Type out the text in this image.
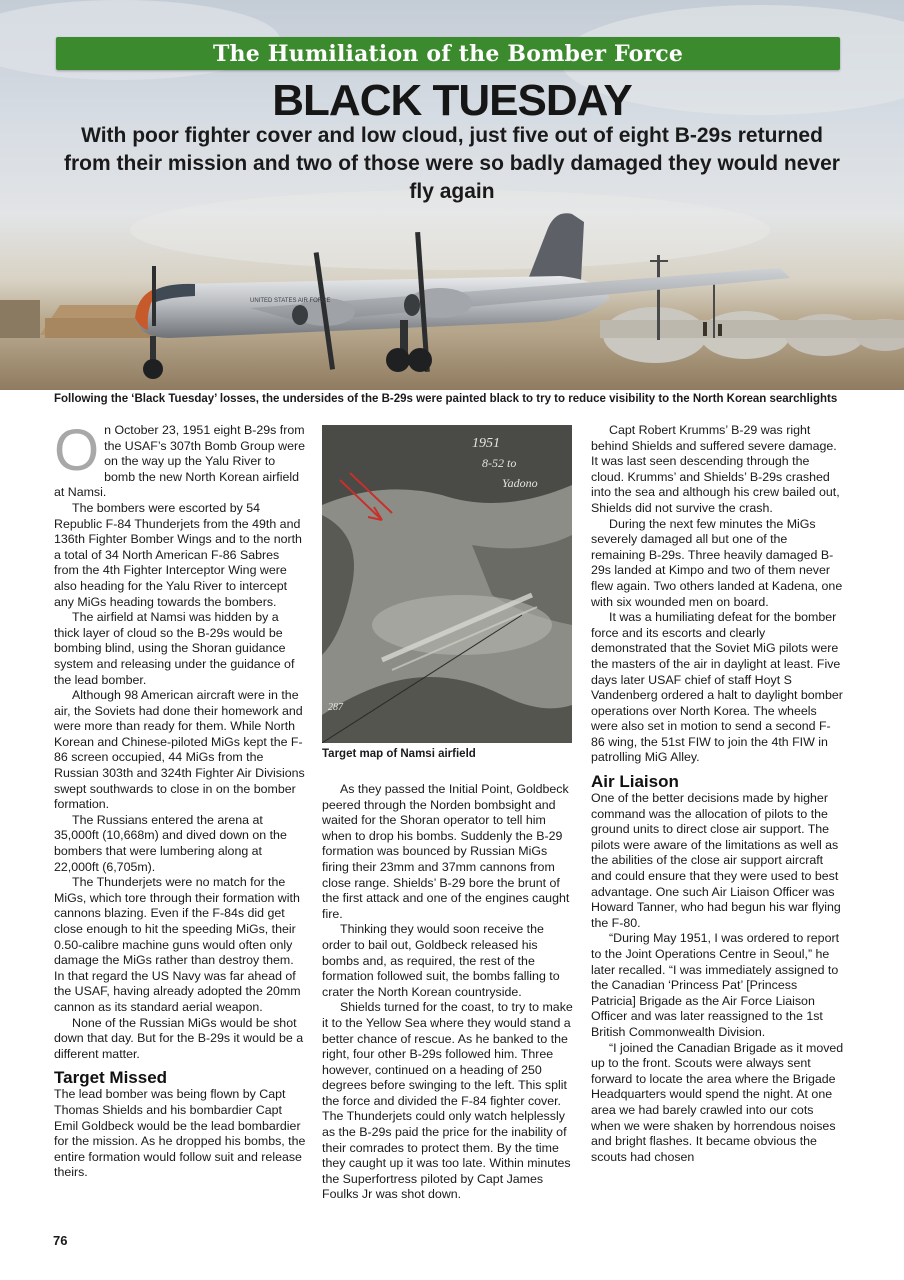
UNITED STATES AIR FORCE
The Humiliation of the Bomber Force
BLACK TUESDAY
With poor fighter cover and low cloud, just five out of eight B-29s returned from their mission and two of those were so badly damaged they would never fly again
Following the ‘Black Tuesday’ losses, the undersides of the B-29s were painted black to try to reduce visibility to the North Korean searchlights

On October 23, 1951 eight B-29s from the USAF’s 307th Bomb Group were on the way up the Yalu River to bomb the new North Korean airfield at Namsi.

The bombers were escorted by 54 Republic F-84 Thunderjets from the 49th and 136th Fighter Bomber Wings and to the north a total of 34 North American F-86 Sabres from the 4th Fighter Interceptor Wing were also heading for the Yalu River to intercept any MiGs heading towards the bombers.

The airfield at Namsi was hidden by a thick layer of cloud so the B-29s would be bombing blind, using the Shoran guidance system and releasing under the guidance of the lead bomber.

Although 98 American aircraft were in the air, the Soviets had done their homework and were more than ready for them. While North Korean and Chinese-piloted MiGs kept the F-86 screen occupied, 44 MiGs from the Russian 303th and 324th Fighter Air Divisions swept southwards to close in on the bomber formation.

The Russians entered the arena at 35,000ft (10,668m) and dived down on the bombers that were lumbering along at 22,000ft (6,705m).

The Thunderjets were no match for the MiGs, which tore through their formation with cannons blazing. Even if the F-84s did get close enough to hit the speeding MiGs, their 0.50-calibre machine guns would often only damage the MiGs rather than destroy them. In that regard the US Navy was far ahead of the USAF, having already adopted the 20mm cannon as its standard aerial weapon.

None of the Russian MiGs would be shot down that day. But for the B-29s it would be a different matter.

Target Missed

The lead bomber was being flown by Capt Thomas Shields and his bombardier Capt Emil Goldbeck would be the lead bombardier for the mission. As he dropped his bombs, the entire formation would follow suit and release theirs.

1951
8-52 to
Yadono
287
Target map of Namsi airfield

As they passed the Initial Point, Goldbeck peered through the Norden bombsight and waited for the Shoran operator to tell him when to drop his bombs. Suddenly the B-29 formation was bounced by Russian MiGs firing their 23mm and 37mm cannons from close range. Shields’ B-29 bore the brunt of the first attack and one of the engines caught fire.

Thinking they would soon receive the order to bail out, Goldbeck released his bombs and, as required, the rest of the formation followed suit, the bombs falling to crater the North Korean countryside.

Shields turned for the coast, to try to make it to the Yellow Sea where they would stand a better chance of rescue. As he banked to the right, four other B-29s followed him. Three however, continued on a heading of 250 degrees before swinging to the left. This split the force and divided the F-84 fighter cover. The Thunderjets could only watch helplessly as the B-29s paid the price for the inability of their comrades to protect them. By the time they caught up it was too late. Within minutes the Superfortress piloted by Capt James Foulks Jr was shot down.

Capt Robert Krumms’ B-29 was right behind Shields and suffered severe damage. It was last seen descending through the cloud. Krumms’ and Shields’ B-29s crashed into the sea and although his crew bailed out, Shields did not survive the crash.

During the next few minutes the MiGs severely damaged all but one of the remaining B-29s. Three heavily damaged B-29s landed at Kimpo and two of them never flew again. Two others landed at Kadena, one with six wounded men on board.

It was a humiliating defeat for the bomber force and its escorts and clearly demonstrated that the Soviet MiG pilots were the masters of the air in daylight at least. Five days later USAF chief of staff Hoyt S Vandenberg ordered a halt to daylight bomber operations over North Korea. The wheels were also set in motion to send a second F-86 wing, the 51st FIW to join the 4th FIW in patrolling MiG Alley.

Air Liaison

One of the better decisions made by higher command was the allocation of pilots to the ground units to direct close air support. The pilots were aware of the limitations as well as the abilities of the close air support aircraft and could ensure that they were used to best advantage. One such Air Liaison Officer was Howard Tanner, who had begun his war flying the F-80.

“During May 1951, I was ordered to report to the Joint Operations Centre in Seoul,” he later recalled. “I was immediately assigned to the Canadian ‘Princess Pat’ [Princess Patricia] Brigade as the Air Force Liaison Officer and was later reassigned to the 1st British Commonwealth Division.

“I joined the Canadian Brigade as it moved up to the front. Scouts were always sent forward to locate the area where the Brigade Headquarters would spend the night. At one area we had barely crawled into our cots when we were shaken by horrendous noises and bright flashes. It became obvious the scouts had chosen

76
